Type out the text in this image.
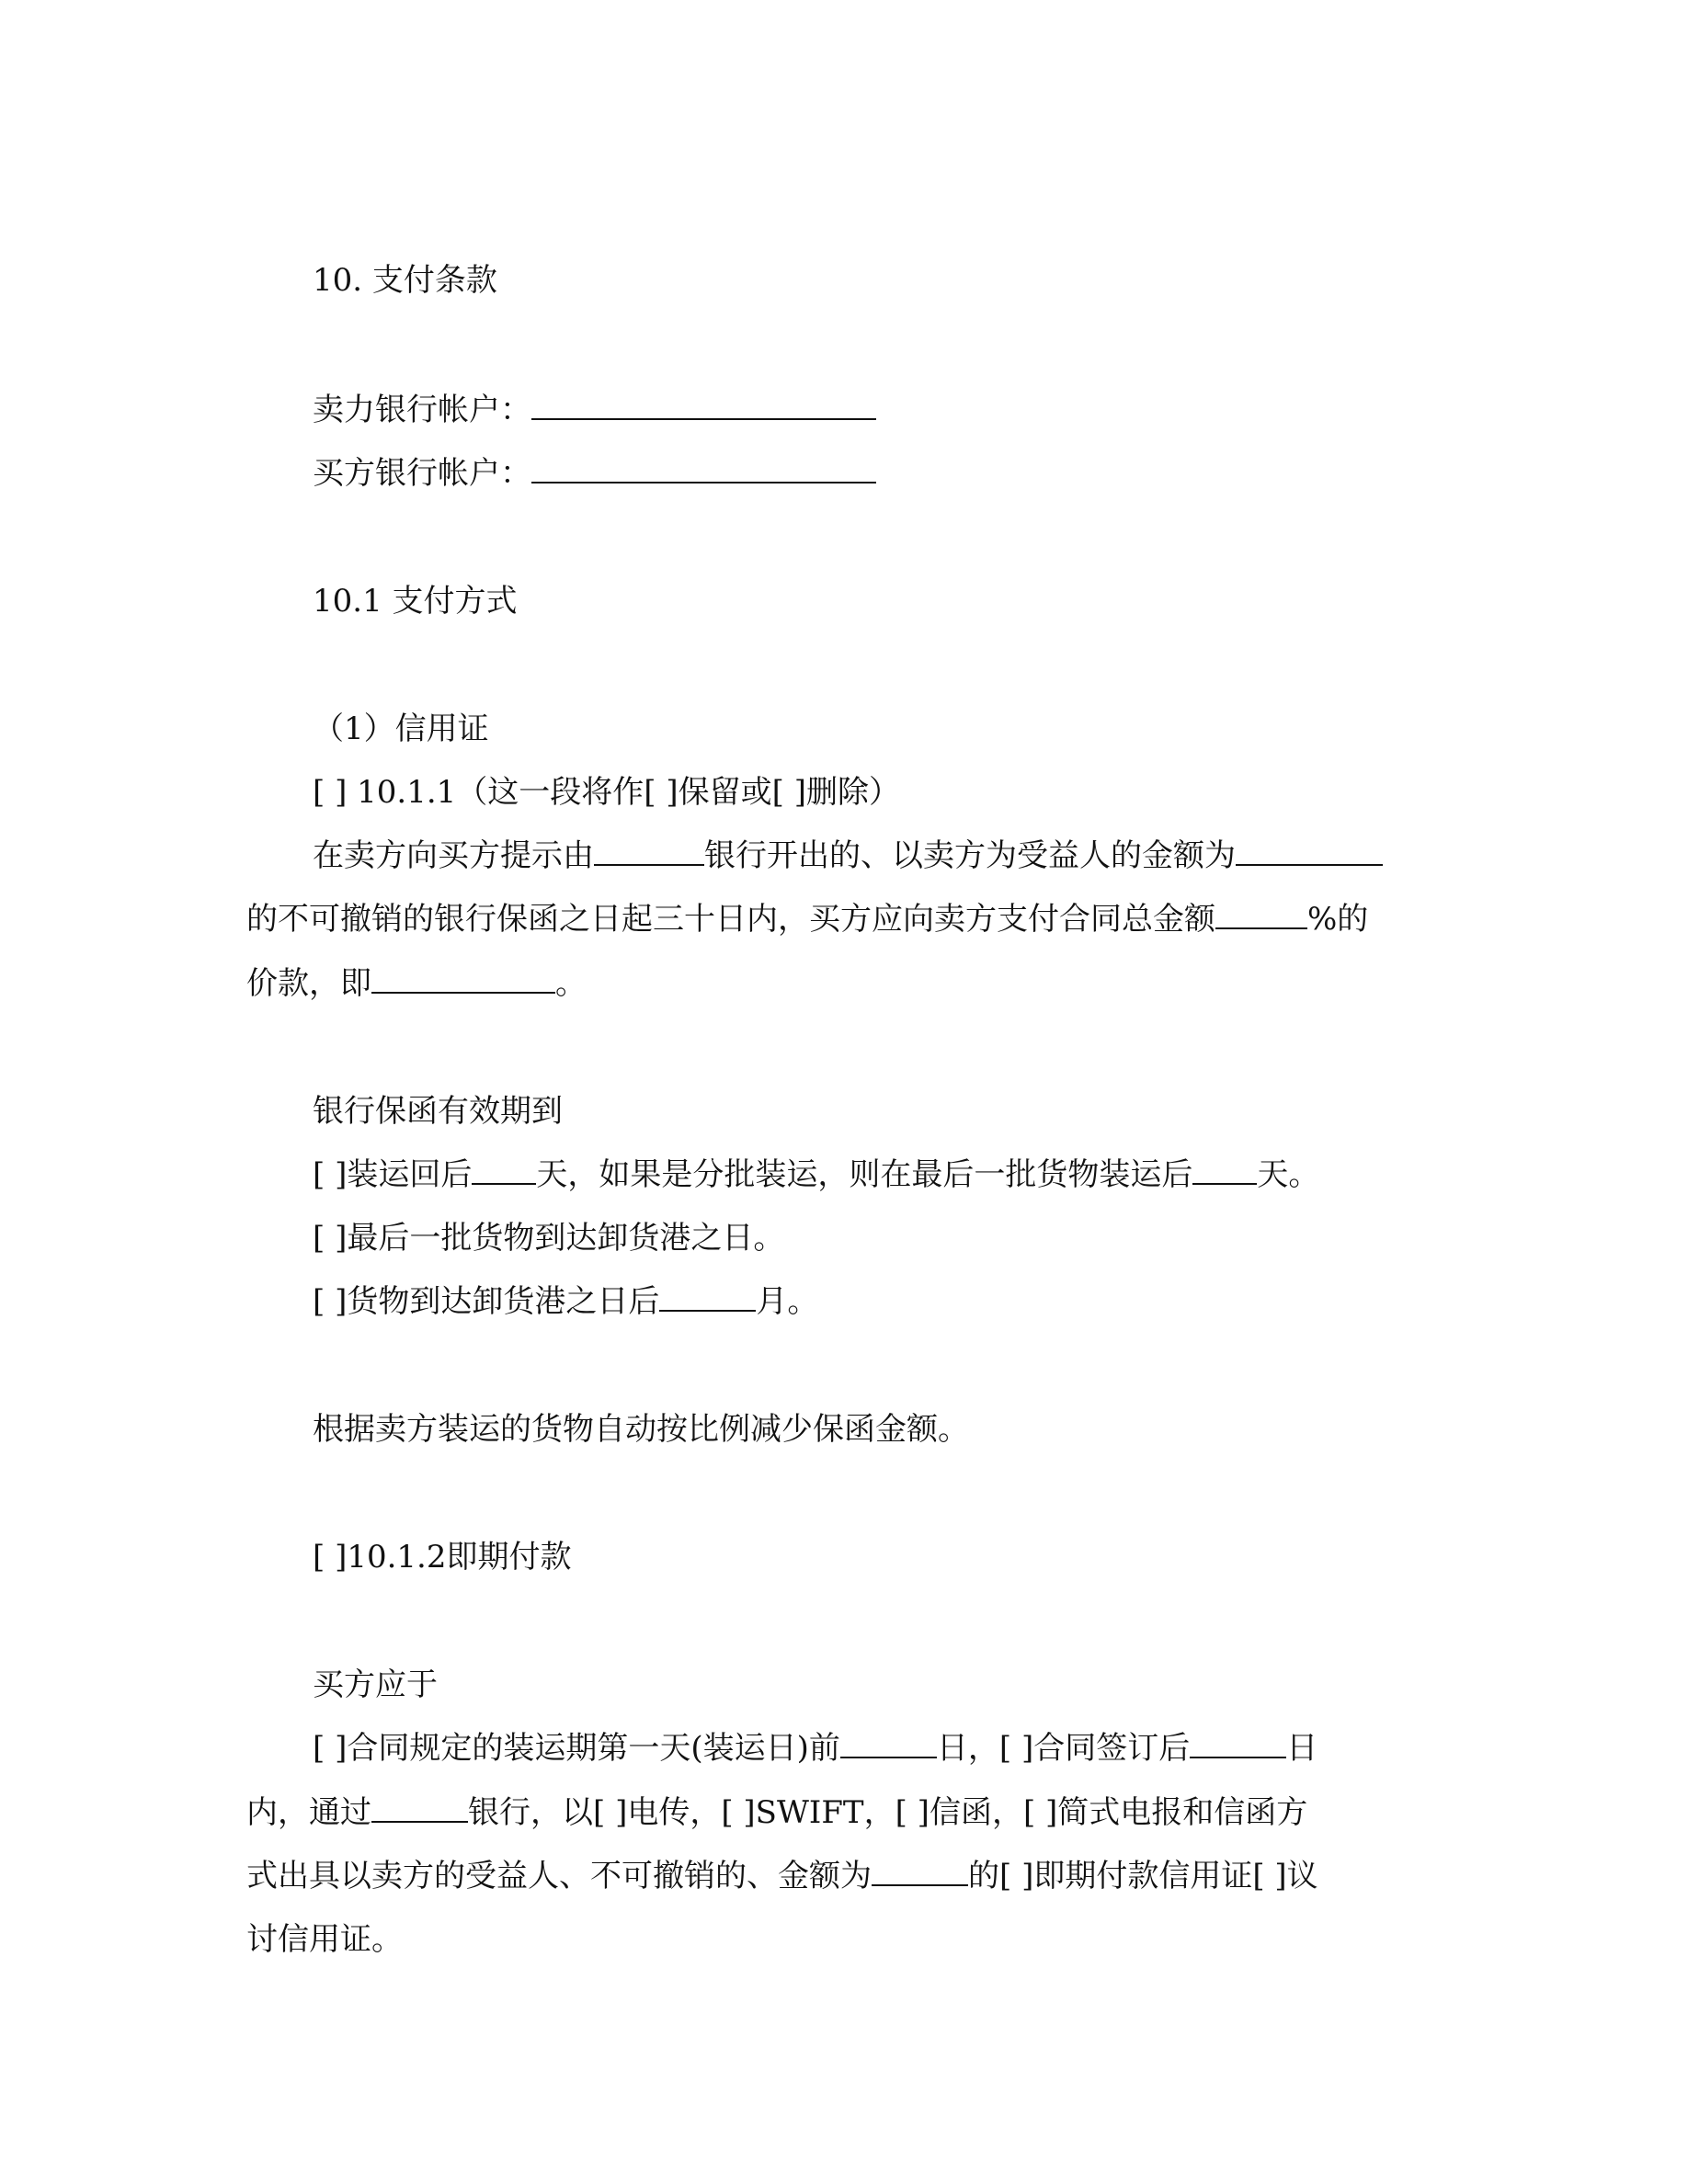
10. 支付条款
卖力银行帐户：
买方银行帐户：
10.1 支付方式
（1）信用证
[ ] 10.1.1（这一段将作[ ]保留或[ ]删除）
在卖方向买方提示由	银行开出的、以卖方为受益人的金额为
的不可撤销的银行保函之日起三十日内，买方应向卖方支付合同总金额	%的
价款，即	。
银行保函有效期到
[ ]装运回后 天，如果是分批装运，则在最后一批货物装运后 天。
[ ]最后一批货物到达卸货港之日。
[ ]货物到达卸货港之日后	月。
根据卖方装运的货物自动按比例减少保函金额。
[ ]10.1.2即期付款
买方应于
[ ]合同规定的装运期第一天(装运日)前	日，[ ]合同签订后	日
内，通过	银行，以[ ]电传，[ ]SWIFT，[ ]信函，[ ]简式电报和信函方
式出具以卖方的受益人、不可撤销的、金额为	的[ ]即期付款信用证[ ]议
讨信用证。
